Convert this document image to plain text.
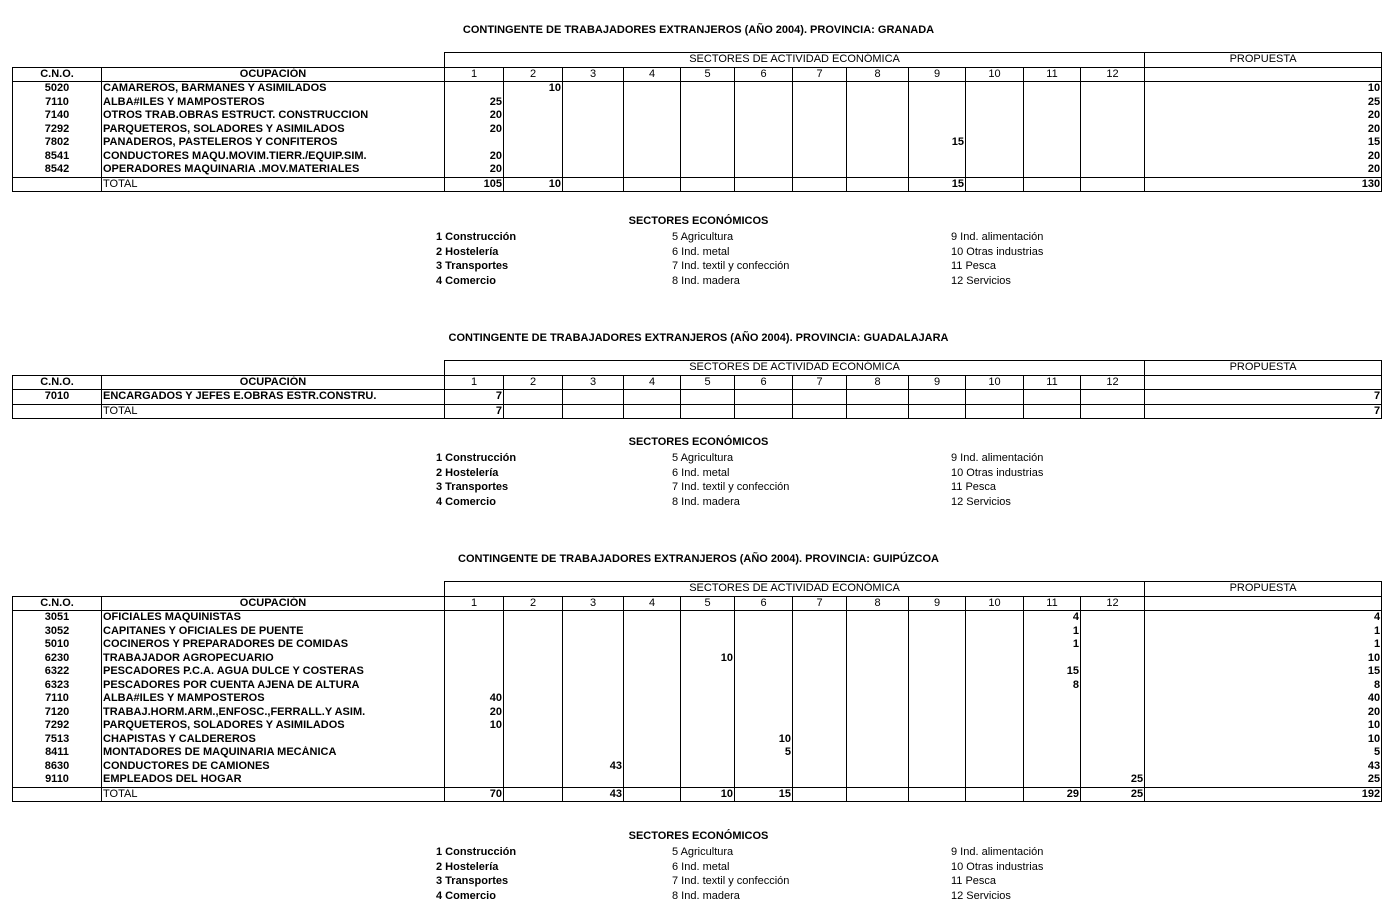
CONTINGENTE DE TRABAJADORES EXTRANJEROS (AÑO 2004). PROVINCIA: GRANADA
		SECTORES DE ACTIVIDAD ECONÓMICA												PROPUESTA
C.N.O.	OCUPACIÓN	1	2	3	4	5	6	7	8	9	10	11	12	
5020	CAMAREROS, BARMANES Y ASIMILADOS		10											10
7110	ALBA#ILES Y MAMPOSTEROS	25												25
7140	OTROS TRAB.OBRAS ESTRUCT. CONSTRUCCION	20												20
7292	PARQUETEROS, SOLADORES Y ASIMILADOS	20												20
7802	PANADEROS, PASTELEROS Y CONFITEROS									15				15
8541	CONDUCTORES MAQU.MOVIM.TIERR./EQUIP.SIM.	20												20
8542	OPERADORES MAQUINARIA .MOV.MATERIALES	20												20
	TOTAL	105	10							15				130
SECTORES ECONÓMICOS
1 Construcción
2 Hostelería
3 Transportes
4 Comercio
5 Agricultura
6 Ind. metal
7 Ind. textil y confección
8 Ind. madera
9 Ind. alimentación
10 Otras industrias
11 Pesca
12 Servicios
CONTINGENTE DE TRABAJADORES EXTRANJEROS (AÑO 2004). PROVINCIA: GUADALAJARA
		SECTORES DE ACTIVIDAD ECONÓMICA												PROPUESTA
C.N.O.	OCUPACIÓN	1	2	3	4	5	6	7	8	9	10	11	12	
7010	ENCARGADOS Y JEFES E.OBRAS ESTR.CONSTRU.	7												7
	TOTAL	7												7
SECTORES ECONÓMICOS
1 Construcción
2 Hostelería
3 Transportes
4 Comercio
5 Agricultura
6 Ind. metal
7 Ind. textil y confección
8 Ind. madera
9 Ind. alimentación
10 Otras industrias
11 Pesca
12 Servicios
CONTINGENTE DE TRABAJADORES EXTRANJEROS (AÑO 2004). PROVINCIA: GUIPÚZCOA
		SECTORES DE ACTIVIDAD ECONÓMICA												PROPUESTA
C.N.O.	OCUPACIÓN	1	2	3	4	5	6	7	8	9	10	11	12	
3051	OFICIALES MAQUINISTAS											4		4
3052	CAPITANES Y OFICIALES DE PUENTE											1		1
5010	COCINEROS Y PREPARADORES DE COMIDAS											1		1
6230	TRABAJADOR AGROPECUARIO					10								10
6322	PESCADORES P.C.A. AGUA DULCE Y COSTERAS											15		15
6323	PESCADORES POR CUENTA AJENA DE ALTURA											8		8
7110	ALBA#ILES Y MAMPOSTEROS	40												40
7120	TRABAJ.HORM.ARM.,ENFOSC.,FERRALL.Y ASIM.	20												20
7292	PARQUETEROS, SOLADORES Y ASIMILADOS	10												10
7513	CHAPISTAS Y CALDEREROS						10							10
8411	MONTADORES DE MAQUINARIA MECÁNICA						5							5
8630	CONDUCTORES DE CAMIONES			43										43
9110	EMPLEADOS DEL HOGAR												25	25
	TOTAL	70		43		10	15					29	25	192
SECTORES ECONÓMICOS
1 Construcción
2 Hostelería
3 Transportes
4 Comercio
5 Agricultura
6 Ind. metal
7 Ind. textil y confección
8 Ind. madera
9 Ind. alimentación
10 Otras industrias
11 Pesca
12 Servicios
